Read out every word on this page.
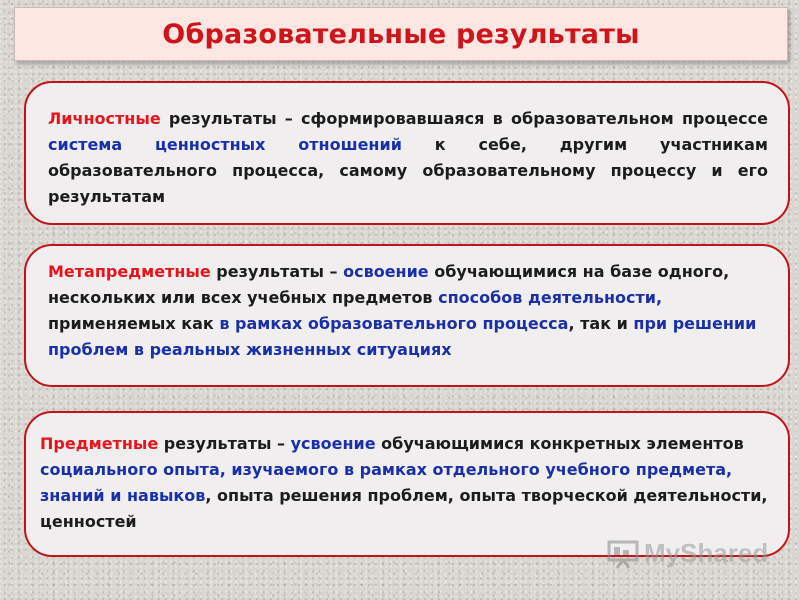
Образовательные результаты

Личностные результаты – сформировавшаяся в образовательном процессе система ценностных отношений к себе, другим участникам образовательного процесса, самому образовательному процессу и его результатам

Метапредметные результаты – освоение обучающимися на базе одного, нескольких или всех учебных предметов способов деятельности, применяемых как в рамках образовательного процесса, так и при решении проблем в реальных жизненных ситуациях

Предметные результаты – усвоение обучающимися конкретных элементов социального опыта, изучаемого в рамках отдельного учебного предмета, знаний и навыков, опыта решения проблем, опыта творческой деятельности, ценностей

MyShared
